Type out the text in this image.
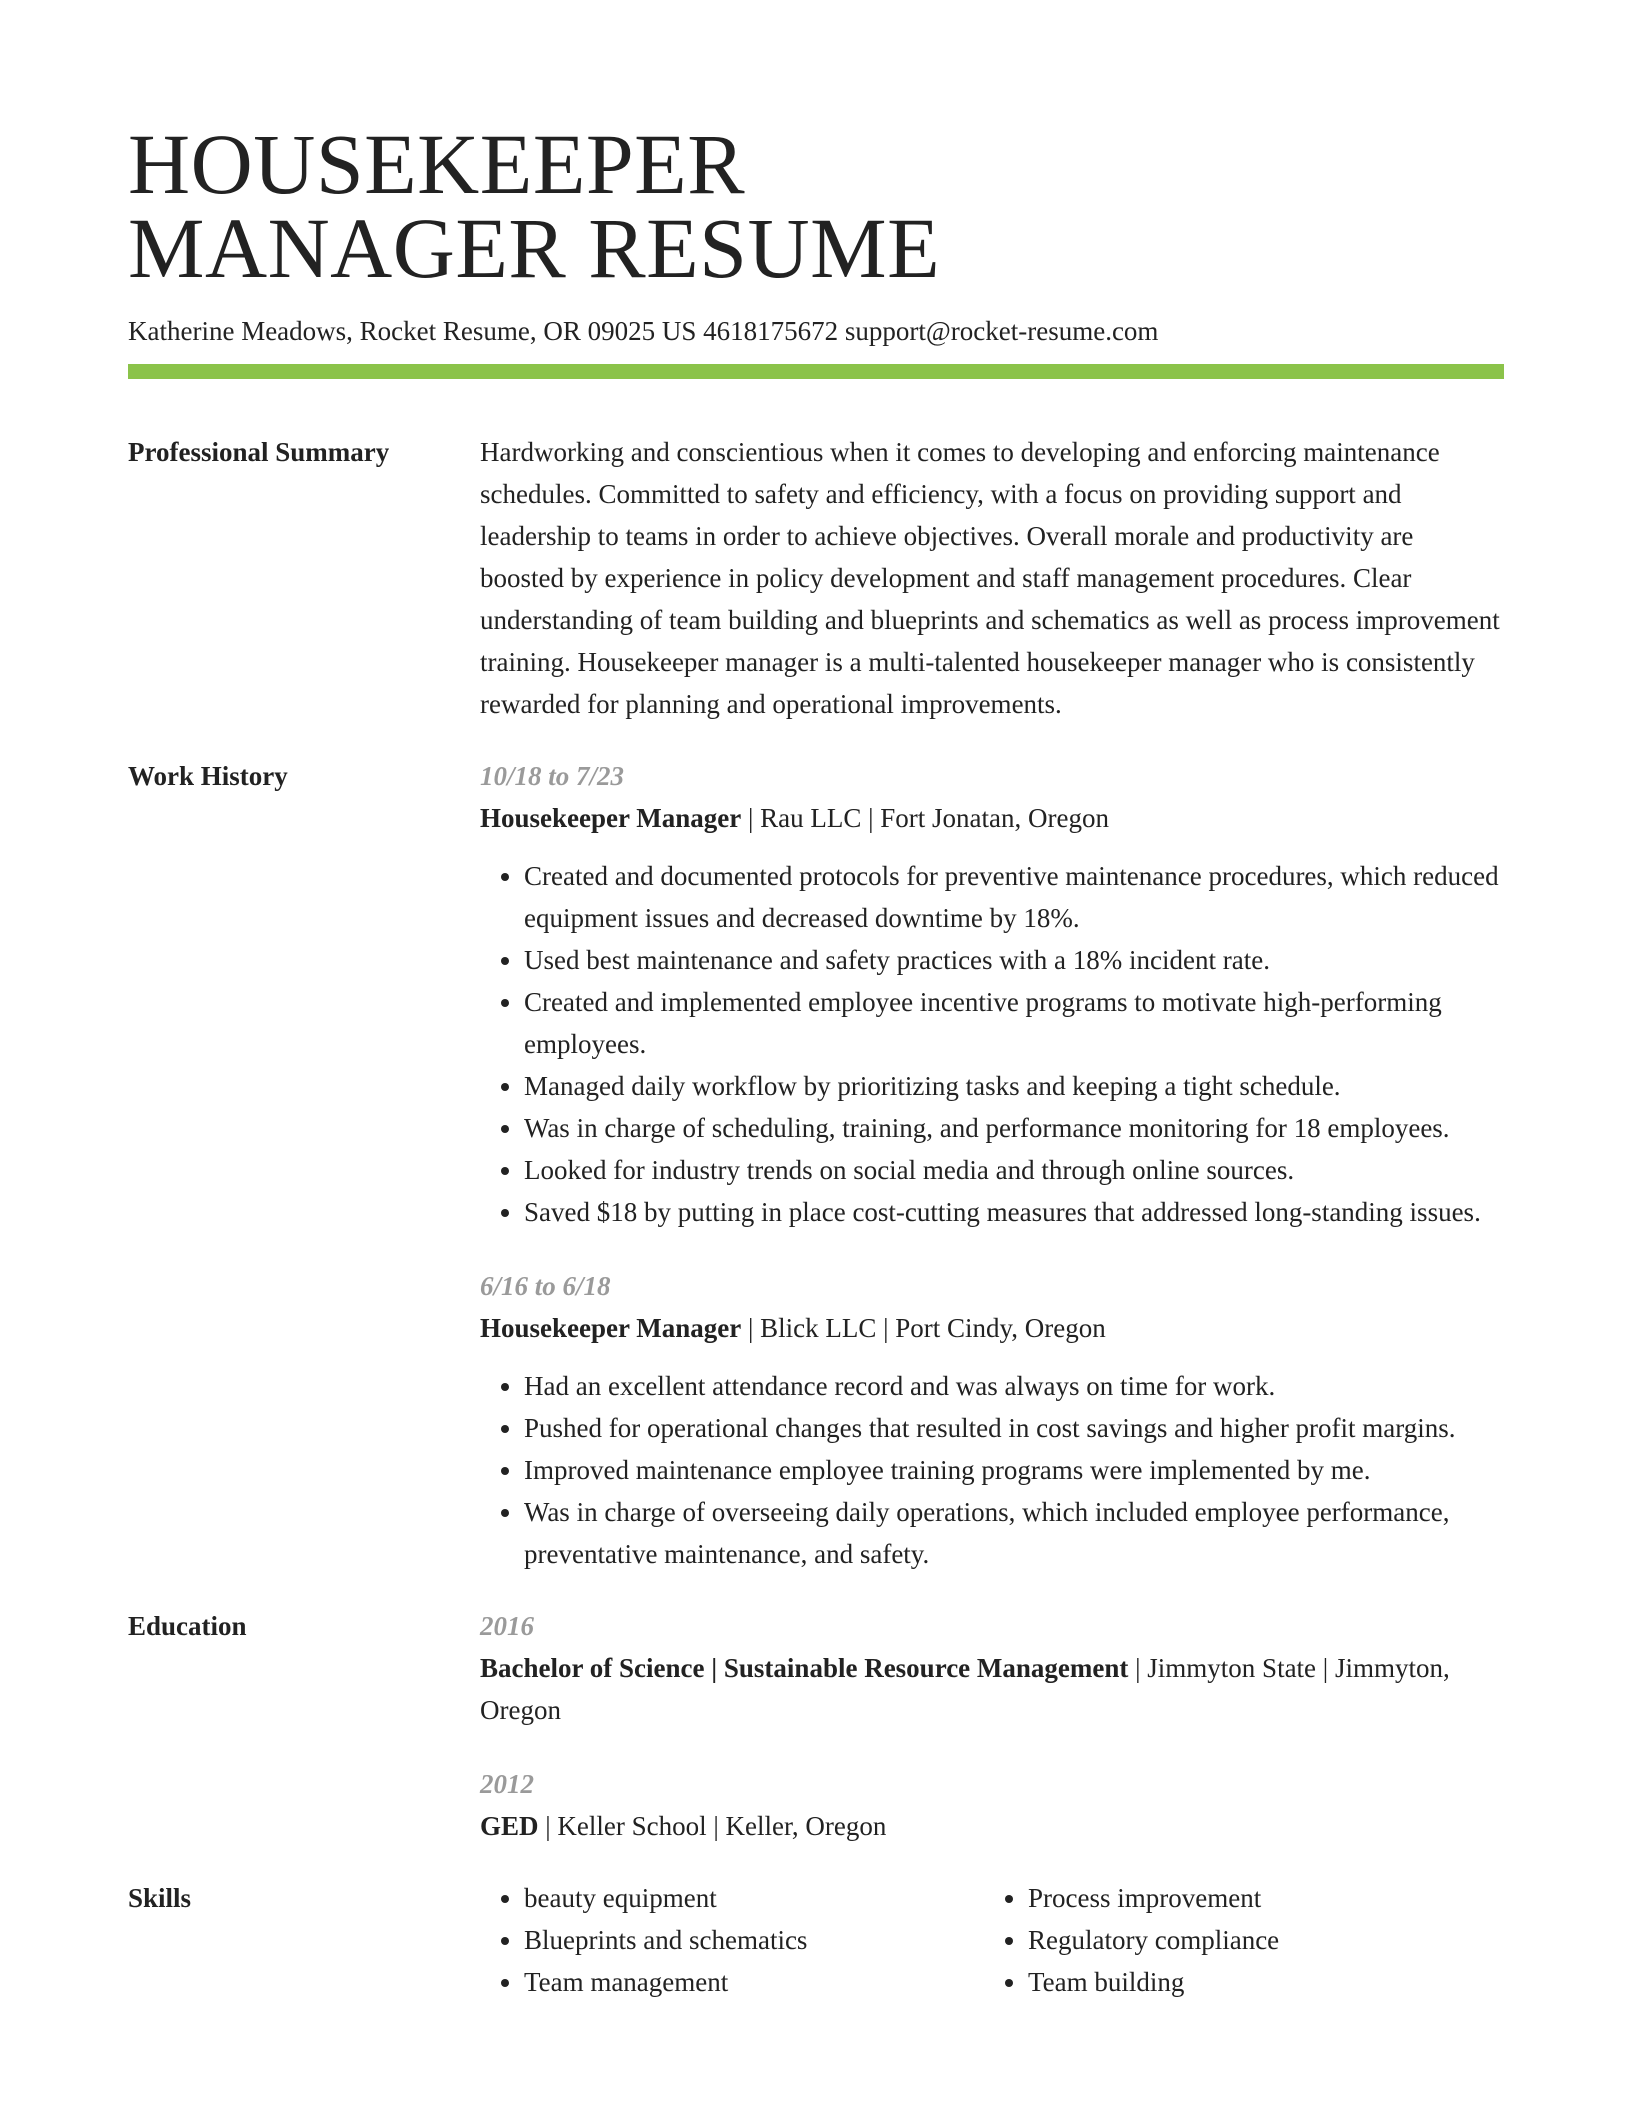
HOUSEKEEPER
MANAGER RESUME
Katherine Meadows, Rocket Resume, OR 09025 US 4618175672 support@rocket-resume.com
Professional Summary	Hardworking and conscientious when it comes to developing and enforcing maintenance schedules. Committed to safety and efficiency, with a focus on providing support and leadership to teams in order to achieve objectives. Overall morale and productivity are boosted by experience in policy development and staff management procedures. Clear understanding of team building and blueprints and schematics as well as process improvement training. Housekeeper manager is a multi-talented housekeeper manager who is consistently rewarded for planning and operational improvements.

Work History	10/18 to 7/23
Housekeeper Manager | Rau LLC | Fort Jonatan, Oregon
• Created and documented protocols for preventive maintenance procedures, which reduced equipment issues and decreased downtime by 18%.
• Used best maintenance and safety practices with a 18% incident rate.
• Created and implemented employee incentive programs to motivate high-performing employees.
• Managed daily workflow by prioritizing tasks and keeping a tight schedule.
• Was in charge of scheduling, training, and performance monitoring for 18 employees.
• Looked for industry trends on social media and through online sources.
• Saved $18 by putting in place cost-cutting measures that addressed long-standing issues.
6/16 to 6/18
Housekeeper Manager | Blick LLC | Port Cindy, Oregon
• Had an excellent attendance record and was always on time for work.
• Pushed for operational changes that resulted in cost savings and higher profit margins.
• Improved maintenance employee training programs were implemented by me.
• Was in charge of overseeing daily operations, which included employee performance, preventative maintenance, and safety.
Education	2016
Bachelor of Science | Sustainable Resource Management | Jimmyton State | Jimmyton, Oregon
2012
GED | Keller School | Keller, Oregon
Skills
•	beauty equipment
• Blueprints and schematics
• Team management
• Process improvement
• Regulatory compliance
• Team building
